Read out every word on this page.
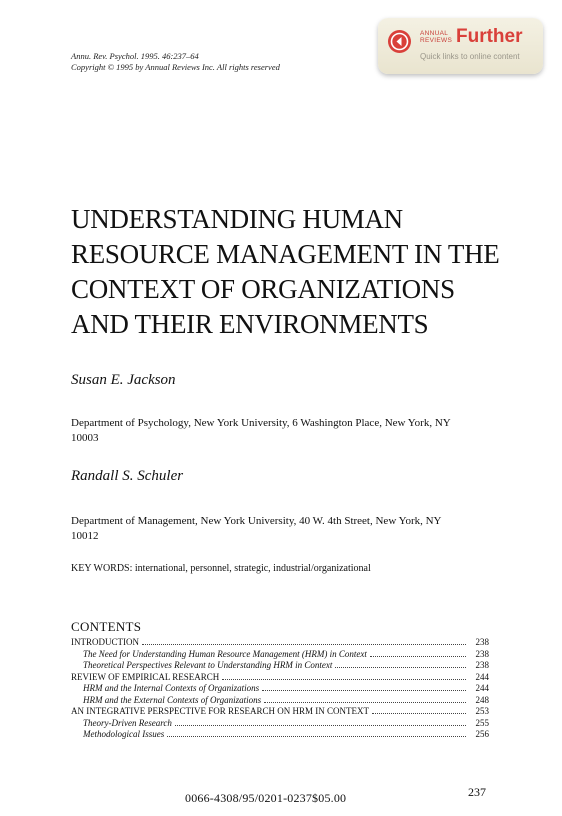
Annu. Rev. Psychol. 1995. 46:237–64
Copyright © 1995 by Annual Reviews Inc. All rights reserved
ANNUAL
REVIEWS Further
Quick links to online content
UNDERSTANDING HUMAN
RESOURCE MANAGEMENT IN THE
CONTEXT OF ORGANIZATIONS
AND THEIR ENVIRONMENTS
Susan E. Jackson
Department of Psychology, New York University, 6 Washington Place, New York, NY
10003
Randall S. Schuler
Department of Management, New York University, 40 W. 4th Street, New York, NY
10012
KEY WORDS: international, personnel, strategic, industrial/organizational
CONTENTS
INTRODUCTION	238
The Need for Understanding Human Resource Management (HRM) in Context	238
Theoretical Perspectives Relevant to Understanding HRM in Context	238
REVIEW OF EMPIRICAL RESEARCH	244
HRM and the Internal Contexts of Organizations	244
HRM and the External Contexts of Organizations	248
AN INTEGRATIVE PERSPECTIVE FOR RESEARCH ON HRM IN CONTEXT	253
Theory-Driven Research	255
Methodological Issues	256
0066-4308/95/0201-0237$05.00	237
